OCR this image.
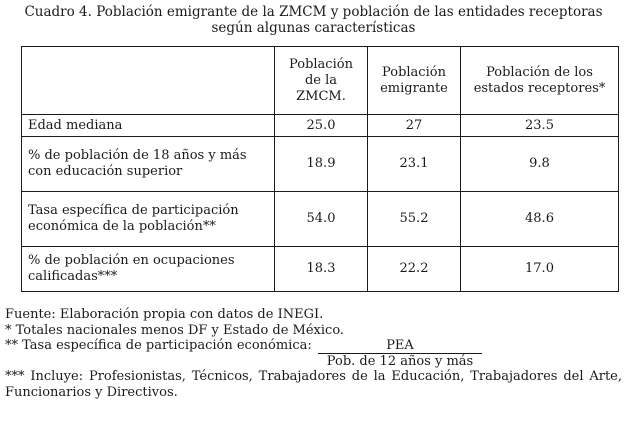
Cuadro 4. Población emigrante de la ZMCM y población de las entidades receptoras
según algunas características
	Población de la ZMCM.	Población emigrante	Población de los estados receptores*
Edad mediana	25.0	27	23.5
% de población de 18 años y más con educación superior	18.9	23.1	9.8
Tasa específica de participación económica de la población**	54.0	55.2	48.6
% de población en ocupaciones calificadas***	18.3	22.2	17.0
Fuente: Elaboración propia con datos de INEGI.
* Totales nacionales menos DF y Estado de México.
** Tasa específica de participación económica:	PEA
Pob. de 12 años y más
*** Incluye: Profesionistas, Técnicos, Trabajadores de la Educación, Trabajadores del Arte, Funcionarios y Directivos.
